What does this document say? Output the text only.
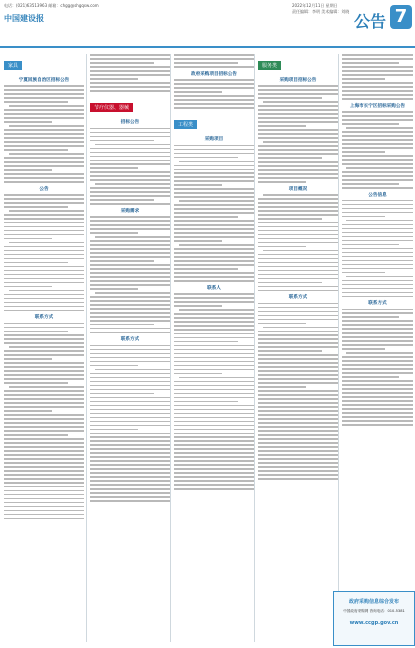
电话：(021)63513963 邮箱：chgg@shgqsw.com
中国建设报
2022年12月11日 星期日
责任编辑：李明 美术编辑：刘晓
公告 7
家具
宁夏回族自治区招标公告
公告
联系方式
节疗仪器、器械
招标公告
采购需求
联系方式
政府采购项目招标公告
工程类
采购项目
联系人
服务类
采购项目招标公告
项目概况
联系方式
上海市长宁区招标采购公告
公告信息
联系方式
政府采购信息综合发布
中国政府采购网 咨询电话：010-5381
www.ccgp.gov.cn
